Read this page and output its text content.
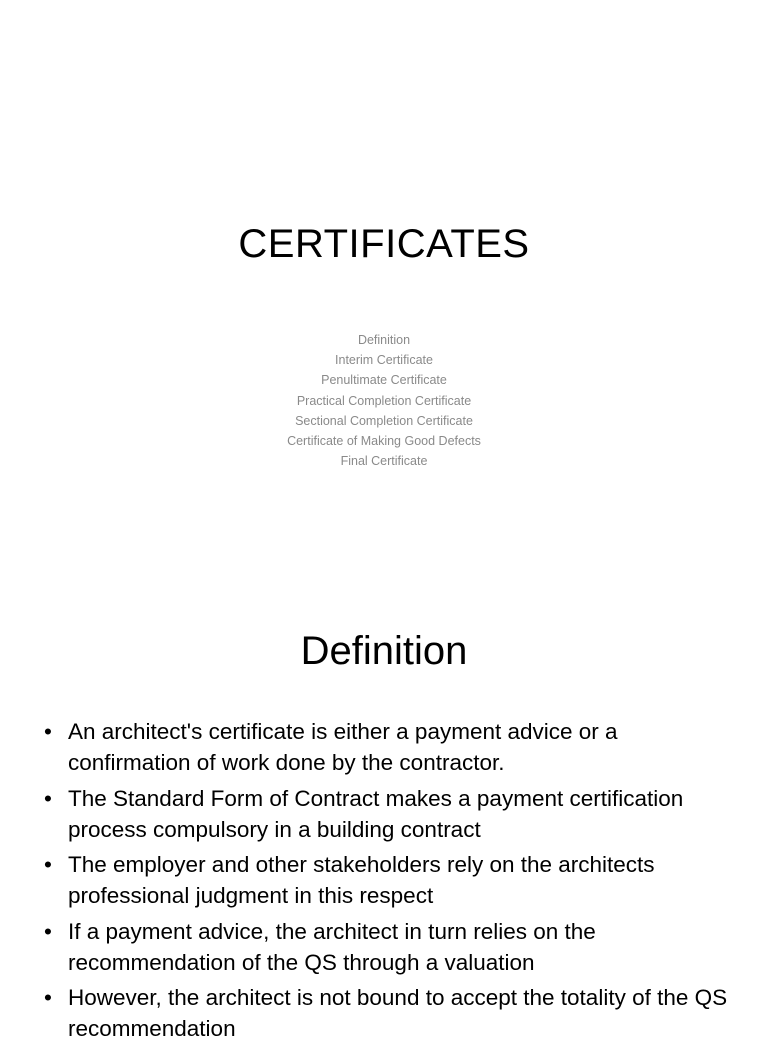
CERTIFICATES
Definition
Interim Certificate
Penultimate Certificate
Practical Completion Certificate
Sectional Completion Certificate
Certificate of Making Good Defects
Final Certificate
Definition
• An architect's certificate is either a payment advice or a confirmation of work done by the contractor.
• The Standard Form of Contract makes a payment certification process compulsory in a building contract
• The employer and other stakeholders rely on the architects professional judgment in this respect
• If a payment advice, the architect in turn relies on the recommendation of the QS through a valuation
• However, the architect is not bound to accept the totality of the QS recommendation
